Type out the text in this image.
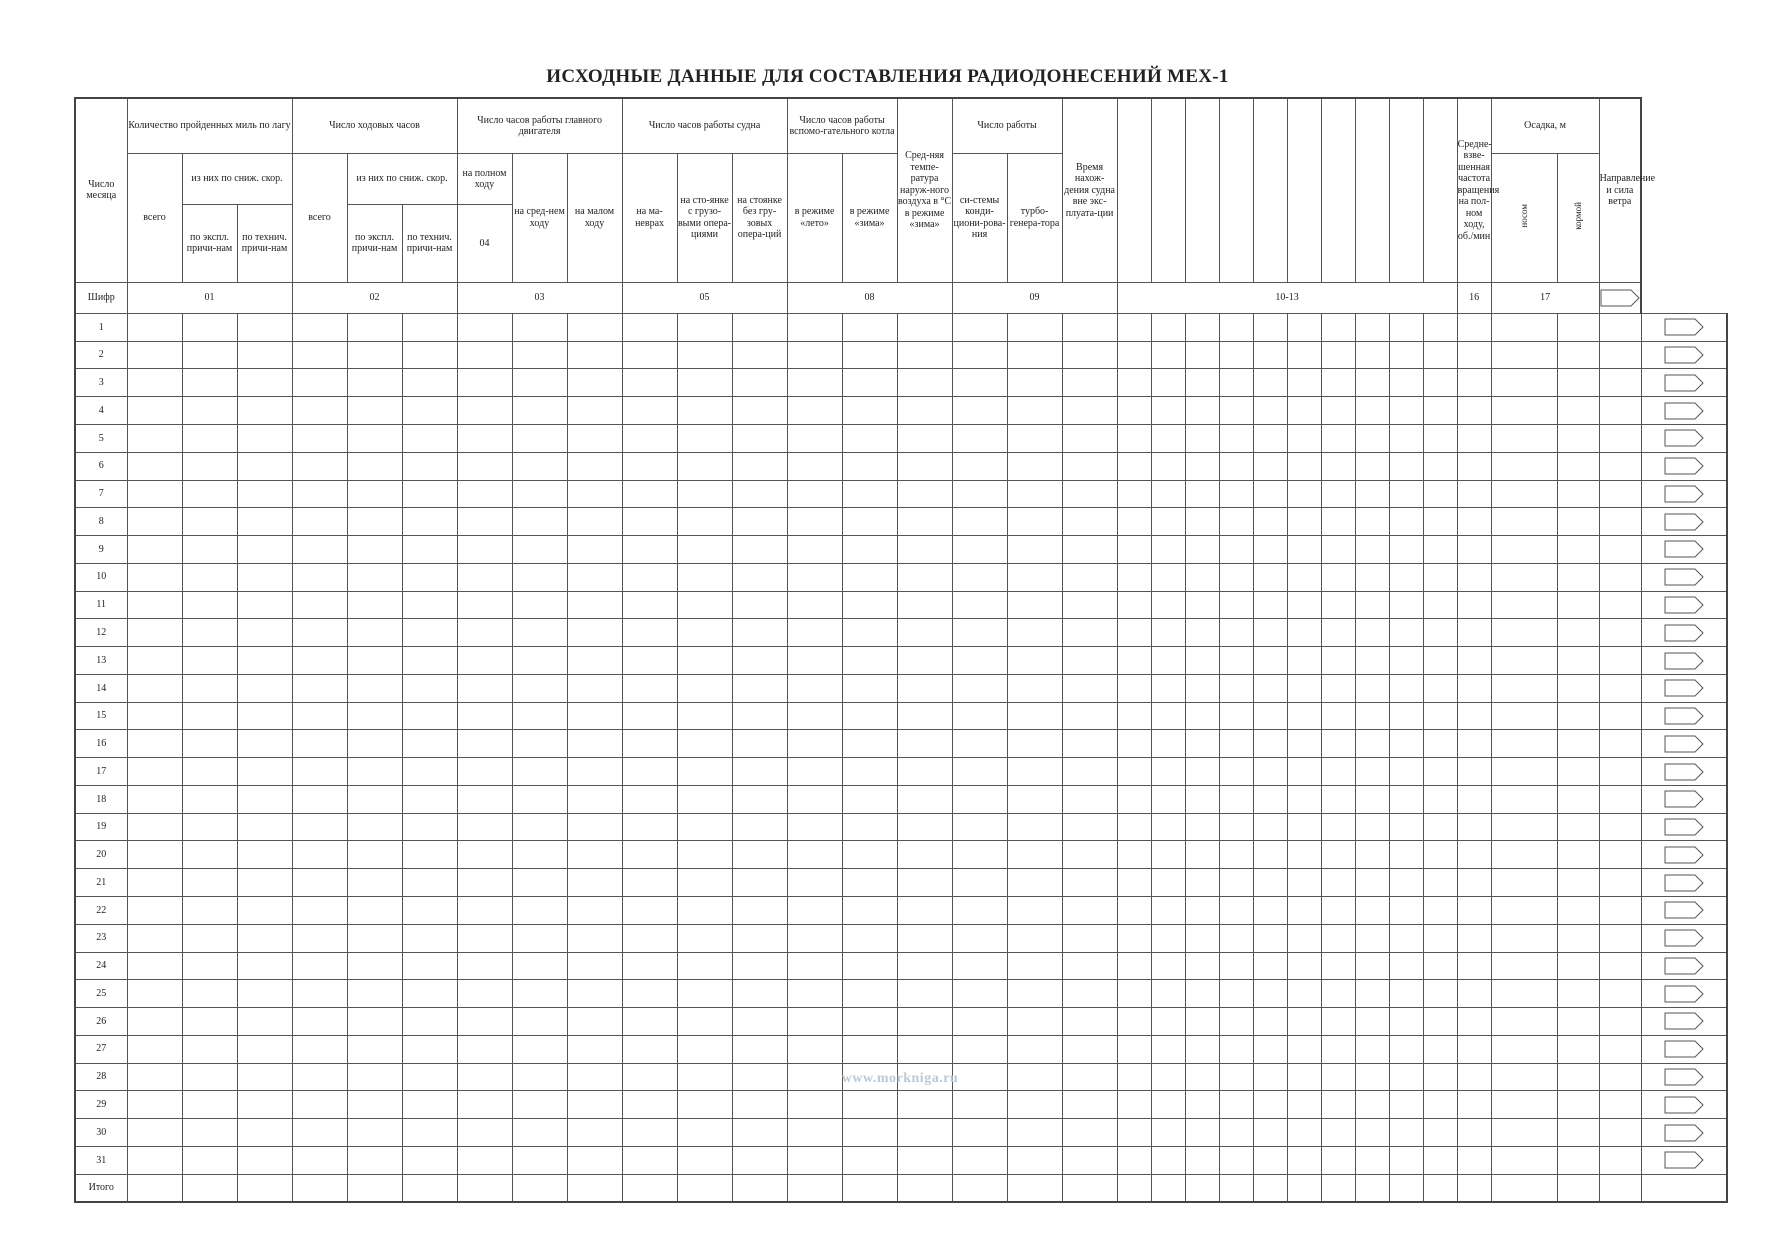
ИСХОДНЫЕ ДАННЫЕ ДЛЯ СОСТАВЛЕНИЯ РАДИОДОНЕСЕНИЙ МЕХ-1
Число месяца	Количество пройденных миль по лагу			Число ходовых часов			Число часов работы главного двигателя			Число часов работы судна			Число часов работы вспомо-гательного котла		Сред-няя темпе-ратура наруж-ного воздуха в °C в режиме «зима»	Число работы		Время нахож-дения судна вне экс-плуата-ции											Средне-взве-шенная частота вращения на пол-ном ходу, об./мин	Осадка, м		Направление и сила ветра	
	всего	из них по сниж. скор.		всего	из них по сниж. скор.		на полном ходу	на сред-нем ходу	на малом ходу	на ма-неврах	на сто-янке с грузо-выми опера-циями	на стоянке без гру-зовых опера-ций	в режиме «лето»	в режиме «зима»		си-стемы конди-циони-рова-ния	турбо-генера-тора													носом	кормой		
		по экспл. причи-нам	по технич. причи-нам		по экспл. причи-нам	по технич. причи-нам	04																										
Шифр	01			02			03			05			08			09			10-13										16	17	
1																																	
2																																	
3																																	
4																																	
5																																	
6																																	
7																																	
8																																	
9																																	
10																																	
11																																	
12																																	
13																																	
14																																	
15																																	
16																																	
17																																	
18																																	
19																																	
20																																	
21																																	
22																																	
23																																	
24																																	
25																																	
26																																	
27																																	
28																																	
29																																	
30																																	
31																																	
Итого																																	
www.morkniga.ru
